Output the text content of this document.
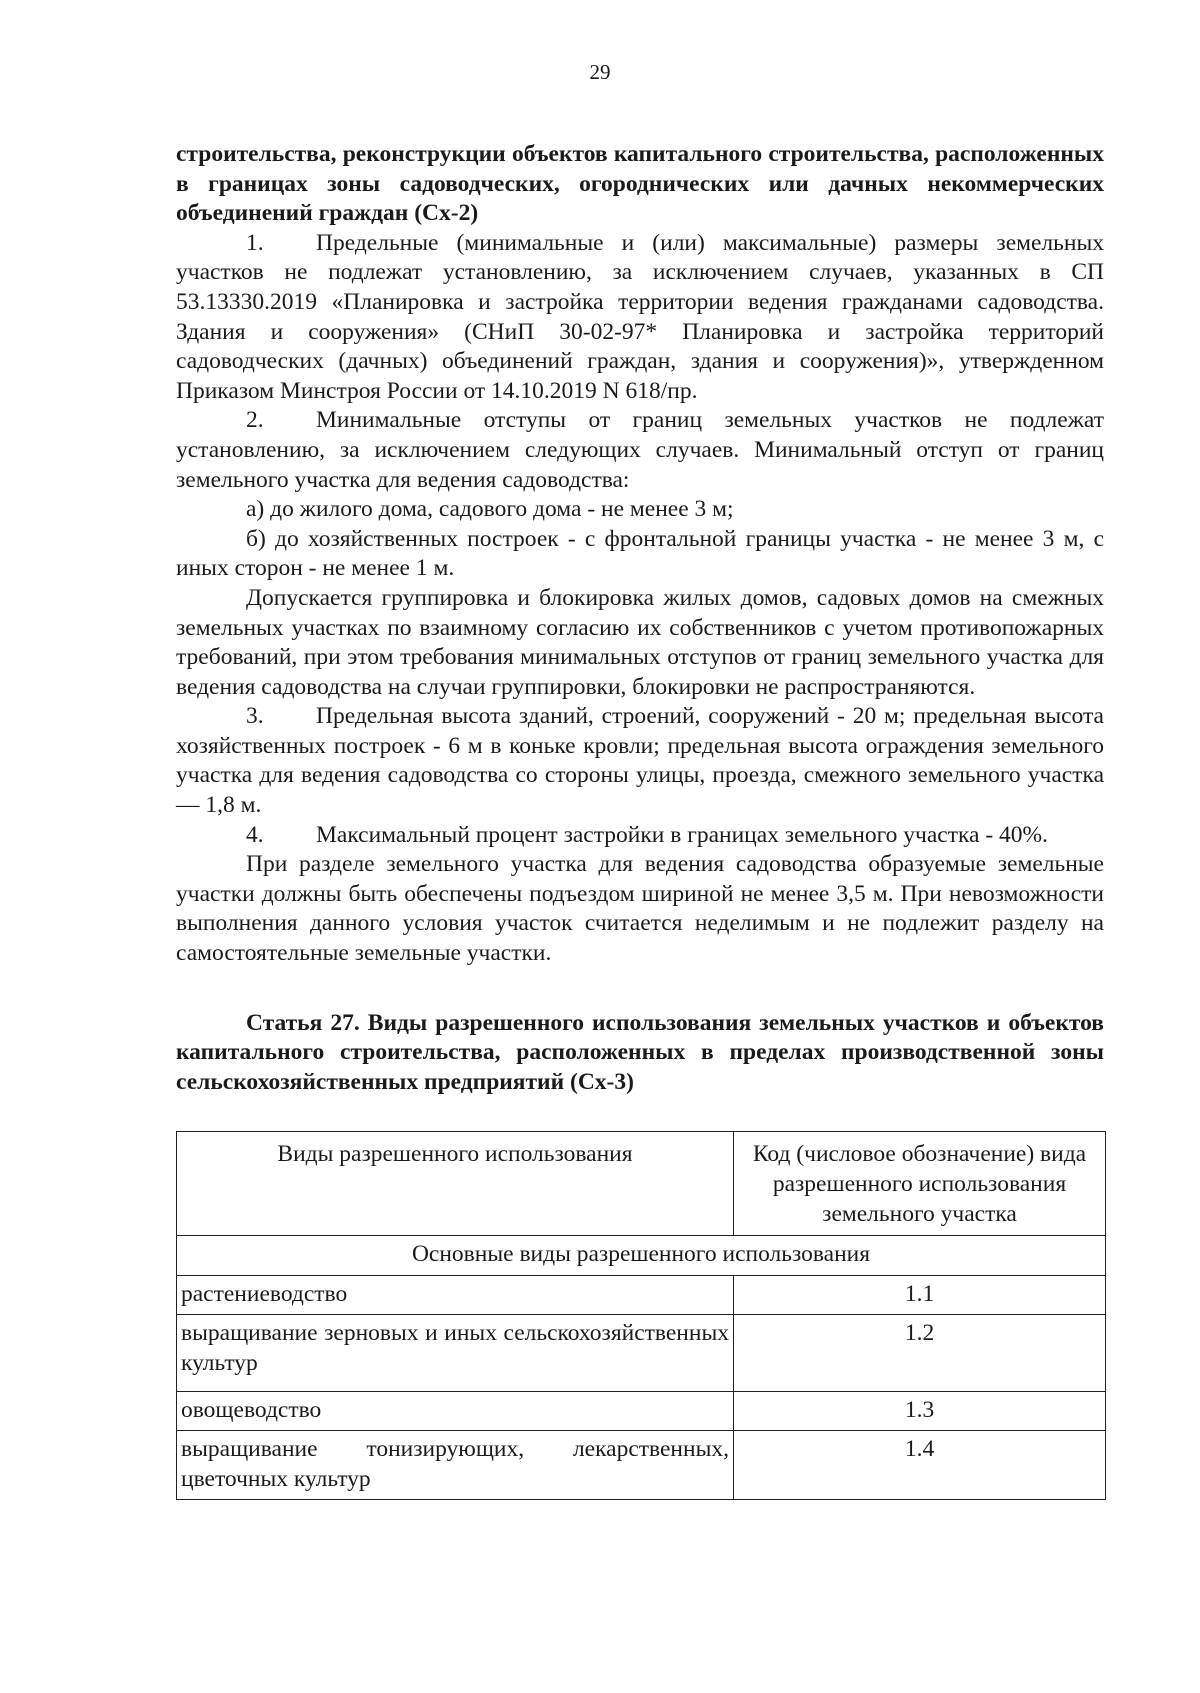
29

строительства, реконструкции объектов капитального строительства, расположенных в границах зоны садоводческих, огороднических или дачных некоммерческих объединений граждан (Сх-2)

1. Предельные (минимальные и (или) максимальные) размеры земельных участков не подлежат установлению, за исключением случаев, указанных в СП 53.13330.2019 «Планировка и застройка территории ведения гражданами садоводства. Здания и сооружения» (СНиП 30-02-97* Планировка и застройка территорий садоводческих (дачных) объединений граждан, здания и сооружения)», утвержденном Приказом Минстроя России от 14.10.2019 N 618/пр.

2. Минимальные отступы от границ земельных участков не подлежат установлению, за исключением следующих случаев. Минимальный отступ от границ земельного участка для ведения садоводства:

а) до жилого дома, садового дома - не менее 3 м;

б) до хозяйственных построек - с фронтальной границы участка - не менее 3 м, с иных сторон - не менее 1 м.

Допускается группировка и блокировка жилых домов, садовых домов на смежных земельных участках по взаимному согласию их собственников с учетом противопожарных требований, при этом требования минимальных отступов от границ земельного участка для ведения садоводства на случаи группировки, блокировки не распространяются.

3. Предельная высота зданий, строений, сооружений - 20 м; предельная высота хозяйственных построек - 6 м в коньке кровли; предельная высота ограждения земельного участка для ведения садоводства со стороны улицы, проезда, смежного земельного участка — 1,8 м.

4. Максимальный процент застройки в границах земельного участка - 40%.

При разделе земельного участка для ведения садоводства образуемые земельные участки должны быть обеспечены подъездом шириной не менее 3,5 м. При невозможности выполнения данного условия участок считается неделимым и не подлежит разделу на самостоятельные земельные участки.

Статья 27. Виды разрешенного использования земельных участков и объектов капитального строительства, расположенных в пределах производственной зоны сельскохозяйственных предприятий (Сх-3)

Виды разрешенного использования	Код (числовое обозначение) вида разрешенного использования земельного участка
Основные виды разрешенного использования	
растениеводство	1.1
выращивание зерновых и иных сельскохозяйственных культур	1.2
овощеводство	1.3
выращивание тонизирующих, лекарственных, цветочных культур	1.4
